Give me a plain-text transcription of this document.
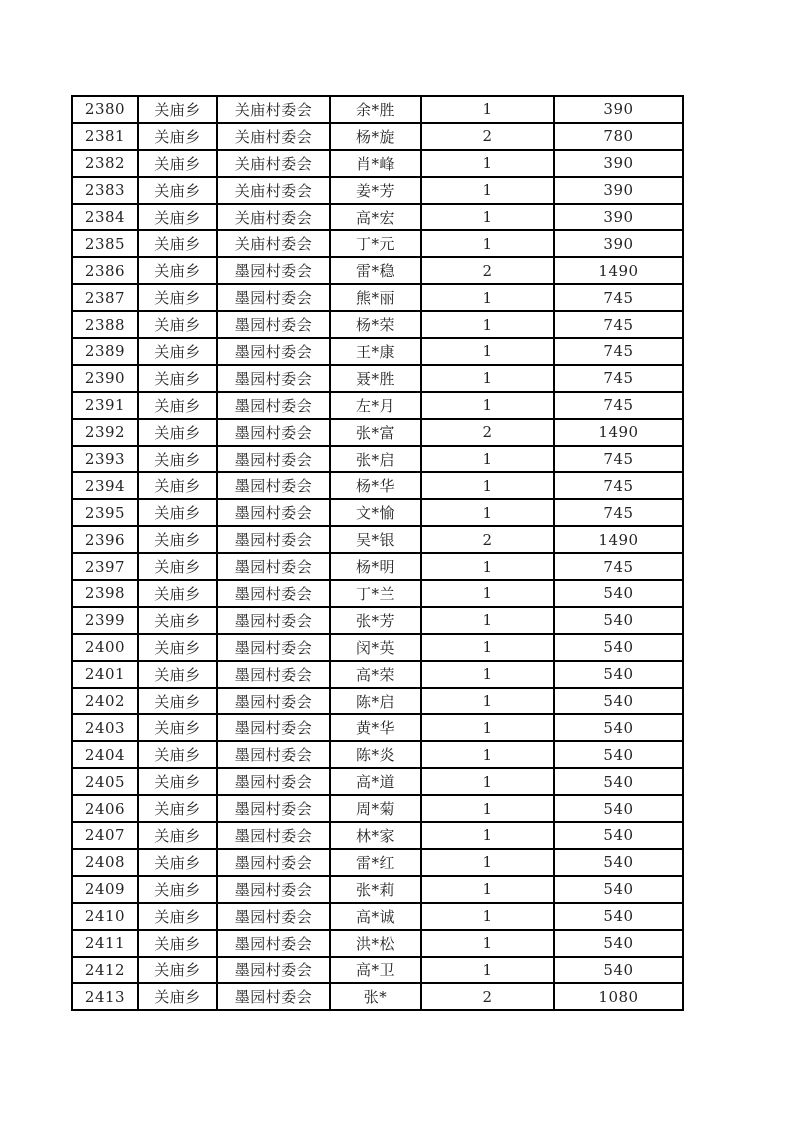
2380	关庙乡	关庙村委会	余*胜	1	390
2381	关庙乡	关庙村委会	杨*旋	2	780
2382	关庙乡	关庙村委会	肖*峰	1	390
2383	关庙乡	关庙村委会	姜*芳	1	390
2384	关庙乡	关庙村委会	高*宏	1	390
2385	关庙乡	关庙村委会	丁*元	1	390
2386	关庙乡	墨园村委会	雷*稳	2	1490
2387	关庙乡	墨园村委会	熊*丽	1	745
2388	关庙乡	墨园村委会	杨*荣	1	745
2389	关庙乡	墨园村委会	王*康	1	745
2390	关庙乡	墨园村委会	聂*胜	1	745
2391	关庙乡	墨园村委会	左*月	1	745
2392	关庙乡	墨园村委会	张*富	2	1490
2393	关庙乡	墨园村委会	张*启	1	745
2394	关庙乡	墨园村委会	杨*华	1	745
2395	关庙乡	墨园村委会	文*愉	1	745
2396	关庙乡	墨园村委会	吴*银	2	1490
2397	关庙乡	墨园村委会	杨*明	1	745
2398	关庙乡	墨园村委会	丁*兰	1	540
2399	关庙乡	墨园村委会	张*芳	1	540
2400	关庙乡	墨园村委会	闵*英	1	540
2401	关庙乡	墨园村委会	高*荣	1	540
2402	关庙乡	墨园村委会	陈*启	1	540
2403	关庙乡	墨园村委会	黄*华	1	540
2404	关庙乡	墨园村委会	陈*炎	1	540
2405	关庙乡	墨园村委会	高*道	1	540
2406	关庙乡	墨园村委会	周*菊	1	540
2407	关庙乡	墨园村委会	林*家	1	540
2408	关庙乡	墨园村委会	雷*红	1	540
2409	关庙乡	墨园村委会	张*莉	1	540
2410	关庙乡	墨园村委会	高*诚	1	540
2411	关庙乡	墨园村委会	洪*松	1	540
2412	关庙乡	墨园村委会	高*卫	1	540
2413	关庙乡	墨园村委会	张*	2	1080
